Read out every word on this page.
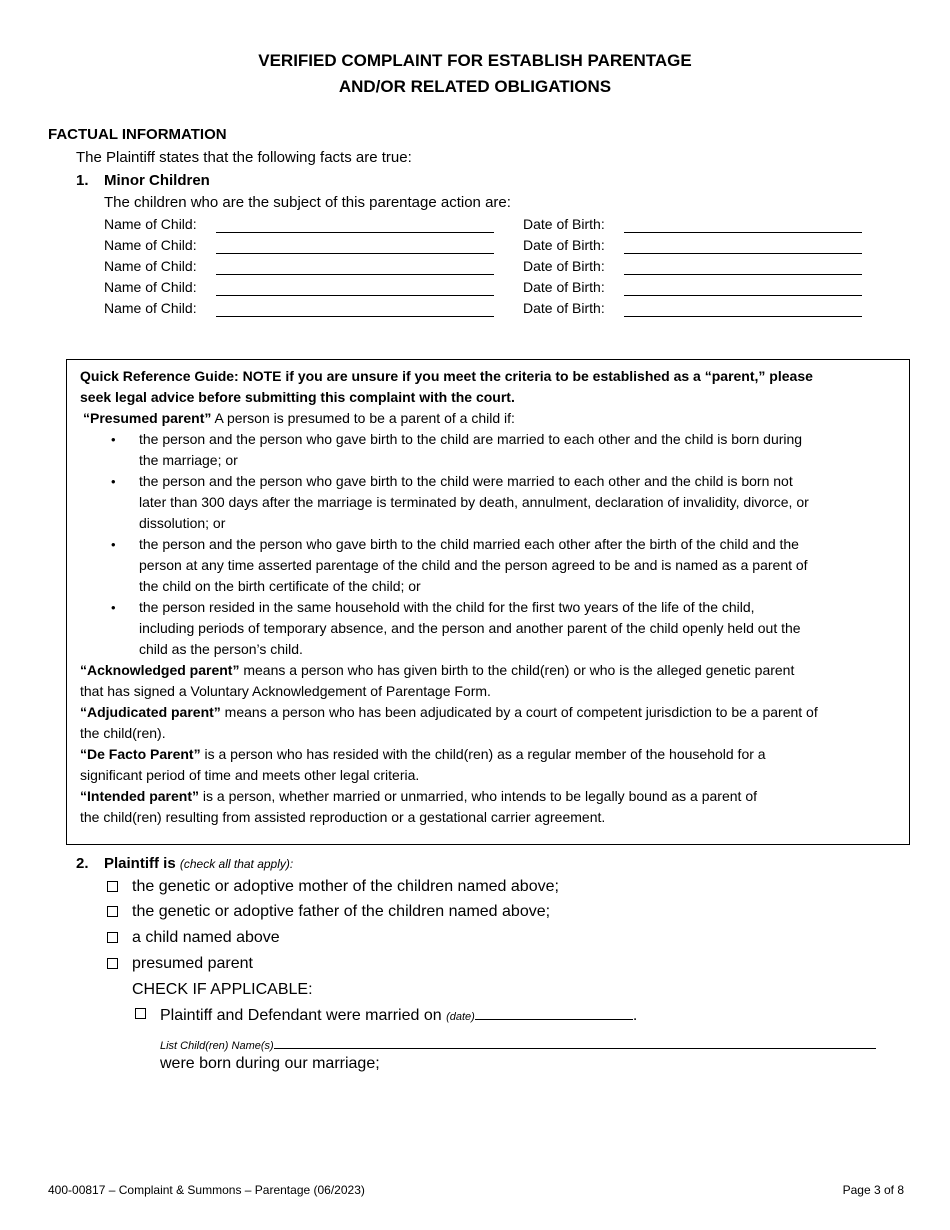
VERIFIED COMPLAINT FOR ESTABLISH PARENTAGE
AND/OR RELATED OBLIGATIONS
FACTUAL INFORMATION
The Plaintiff states that the following facts are true:
1. Minor Children
The children who are the subject of this parentage action are:
Name of Child:	Date of Birth:
Name of Child:	Date of Birth:
Name of Child:	Date of Birth:
Name of Child:	Date of Birth:
Name of Child:	Date of Birth:
Quick Reference Guide: NOTE if you are unsure if you meet the criteria to be established as a “parent,” please
seek legal advice before submitting this complaint with the court.
“Presumed parent” A person is presumed to be a parent of a child if:
• the person and the person who gave birth to the child are married to each other and the child is born during
the marriage; or
• the person and the person who gave birth to the child were married to each other and the child is born not
later than 300 days after the marriage is terminated by death, annulment, declaration of invalidity, divorce, or
dissolution; or
• the person and the person who gave birth to the child married each other after the birth of the child and the
person at any time asserted parentage of the child and the person agreed to be and is named as a parent of
the child on the birth certificate of the child; or
• the person resided in the same household with the child for the first two years of the life of the child,
including periods of temporary absence, and the person and another parent of the child openly held out the
child as the person’s child.
“Acknowledged parent” means a person who has given birth to the child(ren) or who is the alleged genetic parent
that has signed a Voluntary Acknowledgement of Parentage Form.
“Adjudicated parent” means a person who has been adjudicated by a court of competent jurisdiction to be a parent of
the child(ren).
“De Facto Parent” is a person who has resided with the child(ren) as a regular member of the household for a
significant period of time and meets other legal criteria.
“Intended parent” is a person, whether married or unmarried, who intends to be legally bound as a parent of
the child(ren) resulting from assisted reproduction or a gestational carrier agreement.
2. Plaintiff is (check all that apply):
the genetic or adoptive mother of the children named above;
the genetic or adoptive father of the children named above;
a child named above
presumed parent
CHECK IF APPLICABLE:
Plaintiff and Defendant were married on (date)	.
List Child(ren) Name(s)
were born during our marriage;
400-00817 – Complaint & Summons – Parentage (06/2023)	Page 3 of 8
